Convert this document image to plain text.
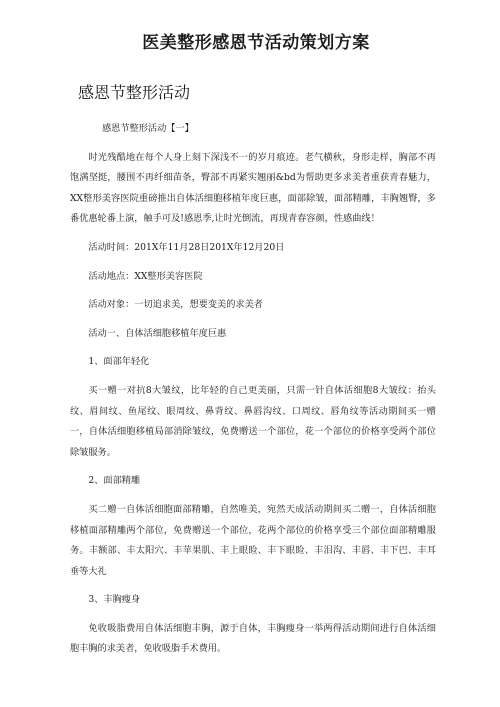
医美整形感恩节活动策划方案
感恩节整形活动

感恩节整形活动【一】

时光残酷地在每个人身上刻下深浅不一的岁月痕迹。老气横秋，身形走样，胸部不再饱满坚挺，腰围不再纤细苗条，臀部不再紧实翘丽&bd为帮助更多求美者重获青春魅力，XX整形美容医院重磅推出自体活细胞移植年度巨惠，面部除皱，面部精雕，丰胸翘臀，多番优惠轮番上演，触手可及!感恩季,让时光倒流，再现青春容颜，性感曲线！

活动时间：201X年11月28日201X年12月20日

活动地点：XX整形美容医院

活动对象：一切追求美，想要变美的求美者

活动一、自体活细胞移植年度巨惠

1、面部年轻化

买一赠一对抗8大皱纹，比年轻的自己更美丽，只需一针自体活细胞8大皱纹：抬头纹、眉间纹、鱼尾纹、眼周纹、鼻背纹、鼻唇沟纹、口周纹、唇角纹等活动期间买一赠一，自体活细胞移植局部消除皱纹，免费赠送一个部位，花一个部位的价格享受两个部位除皱服务。

2、面部精雕

买二赠一自体活细胞面部精雕，自然唯美，宛然天成活动期间买二赠一，自体活细胞移植面部精雕两个部位，免费赠送一个部位，花两个部位的价格享受三个部位面部精雕服务。丰额部、丰太阳穴、丰苹果肌、丰上眼睑、丰下眼睑、丰泪沟、丰唇、丰下巴、丰耳垂等大礼

3、丰胸瘦身

免收吸脂费用自体活细胞丰胸，源于自体，丰胸瘦身一举两得活动期间进行自体活细胞丰胸的求美者，免收吸脂手术费用。
